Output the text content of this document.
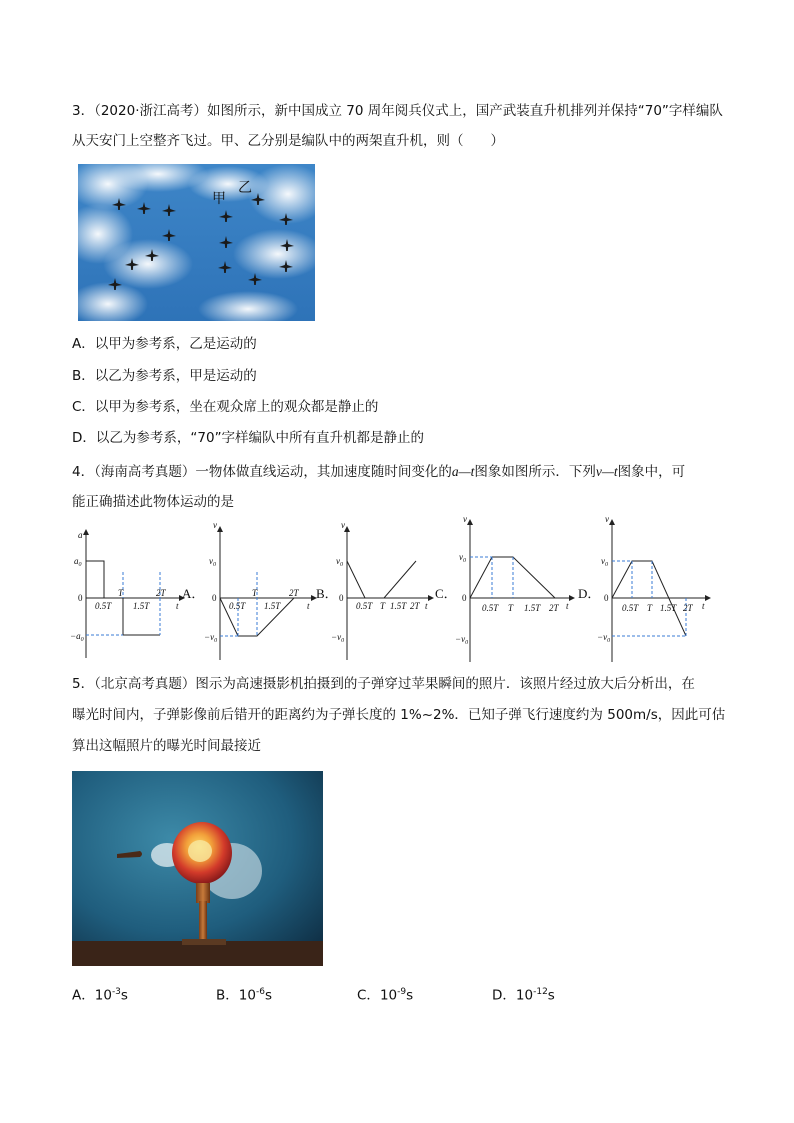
3．（2020·浙江高考）如图所示，新中国成立 70 周年阅兵仪式上，国产武装直升机排列并保持“70”字样编队
从天安门上空整齐飞过。甲、乙分别是编队中的两架直升机，则（　　）
甲
乙
A．以甲为参考系，乙是运动的
B．以乙为参考系，甲是运动的
C．以甲为参考系，坐在观众席上的观众都是静止的
D．以乙为参考系，“70”字样编队中所有直升机都是静止的
4．（海南高考真题）一物体做直线运动，其加速度随时间变化的a—t图象如图所示．下列v—t图象中，可
能正确描述此物体运动的是
a
$a_0$
0
$-a_0$
0.5T
T
1.5T
2T
t
v
$v_0$
0
$-v_0$
0.5T
T
1.5T
2T
t
v
$v_0$
0
$-v_0$
0.5T T 1.5T 2T t
v
$v_0$
0
$-v_0$
0.5T T 1.5T 2T t
v
$v_0$
0
$-v_0$
0.5T T 1.5T 2T t
A．	B．	C．	D．
5．（北京高考真题）图示为高速摄影机拍摄到的子弹穿过苹果瞬间的照片．该照片经过放大后分析出，在
曝光时间内，子弹影像前后错开的距离约为子弹长度的 1%~2%．已知子弹飞行速度约为 500m/s，因此可估
算出这幅照片的曝光时间最接近
A．$10^{-3}s$	B．$10^{-6}s$	C．$10^{-9}s$	D．$10^{-12}s$
